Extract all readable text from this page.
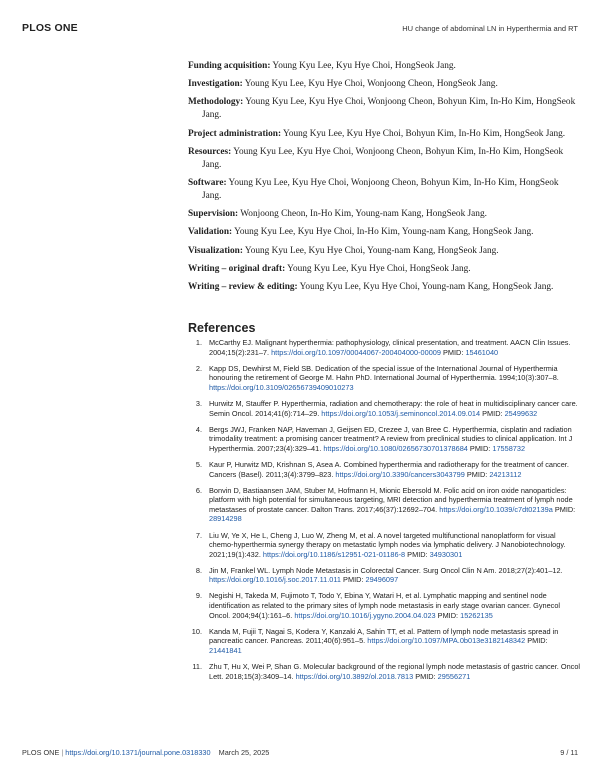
PLOS ONE	HU change of abdominal LN in Hyperthermia and RT

Funding acquisition: Young Kyu Lee, Kyu Hye Choi, HongSeok Jang.

Investigation: Young Kyu Lee, Kyu Hye Choi, Wonjoong Cheon, HongSeok Jang.

Methodology: Young Kyu Lee, Kyu Hye Choi, Wonjoong Cheon, Bohyun Kim, In-Ho Kim, HongSeok Jang.

Project administration: Young Kyu Lee, Kyu Hye Choi, Bohyun Kim, In-Ho Kim, HongSeok Jang.

Resources: Young Kyu Lee, Kyu Hye Choi, Wonjoong Cheon, Bohyun Kim, In-Ho Kim, HongSeok Jang.

Software: Young Kyu Lee, Kyu Hye Choi, Wonjoong Cheon, Bohyun Kim, In-Ho Kim, HongSeok Jang.

Supervision: Wonjoong Cheon, In-Ho Kim, Young-nam Kang, HongSeok Jang.

Validation: Young Kyu Lee, Kyu Hye Choi, In-Ho Kim, Young-nam Kang, HongSeok Jang.

Visualization: Young Kyu Lee, Kyu Hye Choi, Young-nam Kang, HongSeok Jang.

Writing – original draft: Young Kyu Lee, Kyu Hye Choi, HongSeok Jang.

Writing – review & editing: Young Kyu Lee, Kyu Hye Choi, Young-nam Kang, HongSeok Jang.

References
1. McCarthy EJ. Malignant hyperthermia: pathophysiology, clinical presentation, and treatment. AACN Clin Issues. 2004;15(2):231–7. https://doi.org/10.1097/00044067-200404000-00009 PMID: 15461040
2. Kapp DS, Dewhirst M, Field SB. Dedication of the special issue of the International Journal of Hyperthermia honouring the retirement of George M. Hahn PhD. International Journal of Hyperthermia. 1994;10(3):307–8. https://doi.org/10.3109/02656739409010273
3. Hurwitz M, Stauffer P. Hyperthermia, radiation and chemotherapy: the role of heat in multidisciplinary cancer care. Semin Oncol. 2014;41(6):714–29. https://doi.org/10.1053/j.seminoncol.2014.09.014 PMID: 25499632
4. Bergs JWJ, Franken NAP, Haveman J, Geijsen ED, Crezee J, van Bree C. Hyperthermia, cisplatin and radiation trimodality treatment: a promising cancer treatment? A review from preclinical studies to clinical application. Int J Hyperthermia. 2007;23(4):329–41. https://doi.org/10.1080/02656730701378684 PMID: 17558732
5. Kaur P, Hurwitz MD, Krishnan S, Asea A. Combined hyperthermia and radiotherapy for the treatment of cancer. Cancers (Basel). 2011;3(4):3799–823. https://doi.org/10.3390/cancers3043799 PMID: 24213112
6. Bonvin D, Bastiaansen JAM, Stuber M, Hofmann H, Mionic Ebersold M. Folic acid on iron oxide nanoparticles: platform with high potential for simultaneous targeting, MRI detection and hyperthermia treatment of lymph node metastases of prostate cancer. Dalton Trans. 2017;46(37):12692–704. https://doi.org/10.1039/c7dt02139a PMID: 28914298
7. Liu W, Ye X, He L, Cheng J, Luo W, Zheng M, et al. A novel targeted multifunctional nanoplatform for visual chemo-hyperthermia synergy therapy on metastatic lymph nodes via lymphatic delivery. J Nanobiotechnology. 2021;19(1):432. https://doi.org/10.1186/s12951-021-01186-8 PMID: 34930301
8. Jin M, Frankel WL. Lymph Node Metastasis in Colorectal Cancer. Surg Oncol Clin N Am. 2018;27(2):401–12. https://doi.org/10.1016/j.soc.2017.11.011 PMID: 29496097
9. Negishi H, Takeda M, Fujimoto T, Todo Y, Ebina Y, Watari H, et al. Lymphatic mapping and sentinel node identification as related to the primary sites of lymph node metastasis in early stage ovarian cancer. Gynecol Oncol. 2004;94(1):161–6. https://doi.org/10.1016/j.ygyno.2004.04.023 PMID: 15262135
10. Kanda M, Fujii T, Nagai S, Kodera Y, Kanzaki A, Sahin TT, et al. Pattern of lymph node metastasis spread in pancreatic cancer. Pancreas. 2011;40(6):951–5. https://doi.org/10.1097/MPA.0b013e3182148342 PMID: 21441841
11. Zhu T, Hu X, Wei P, Shan G. Molecular background of the regional lymph node metastasis of gastric cancer. Oncol Lett. 2018;15(3):3409–14. https://doi.org/10.3892/ol.2018.7813 PMID: 29556271
PLOS ONE | https://doi.org/10.1371/journal.pone.0318330 March 25, 2025	9 / 11
